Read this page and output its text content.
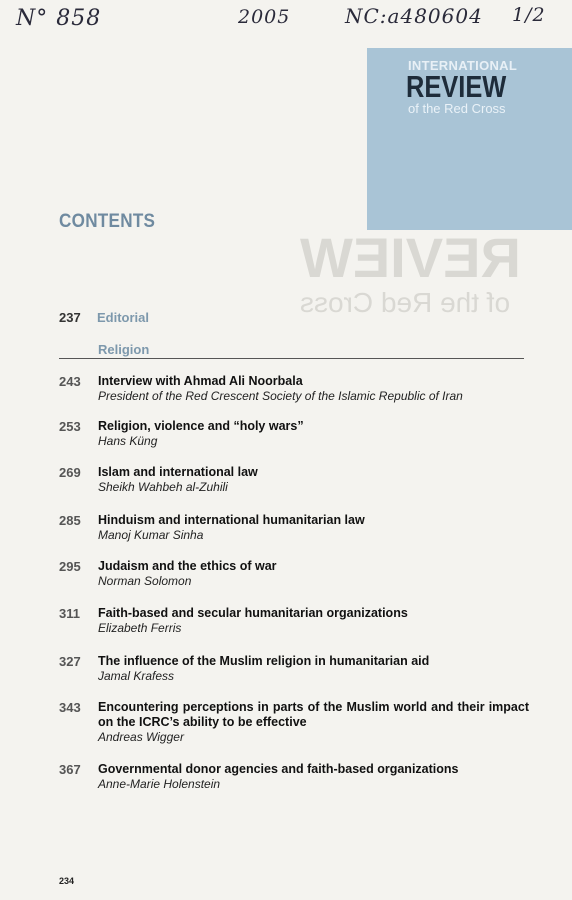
N° 858	2005	NC:a480604 1/2
INTERNATIONAL
REVIEW
of the Red Cross
REVIEW
of the Red Cross
CONTENTS
237 Editorial
Religion
243	Interview with Ahmad Ali Noorbala
President of the Red Crescent Society of the Islamic Republic of Iran
253	Religion, violence and “holy wars”
Hans Küng
269	Islam and international law
Sheikh Wahbeh al-Zuhili
285	Hinduism and international humanitarian law
Manoj Kumar Sinha
295	Judaism and the ethics of war
Norman Solomon
311	Faith-based and secular humanitarian organizations
Elizabeth Ferris
327	The influence of the Muslim religion in humanitarian aid
Jamal Krafess
343	Encountering perceptions in parts of the Muslim world and their impact on the ICRC’s ability to be effective
Andreas Wigger
367	Governmental donor agencies and faith-based organizations
Anne-Marie Holenstein
234
